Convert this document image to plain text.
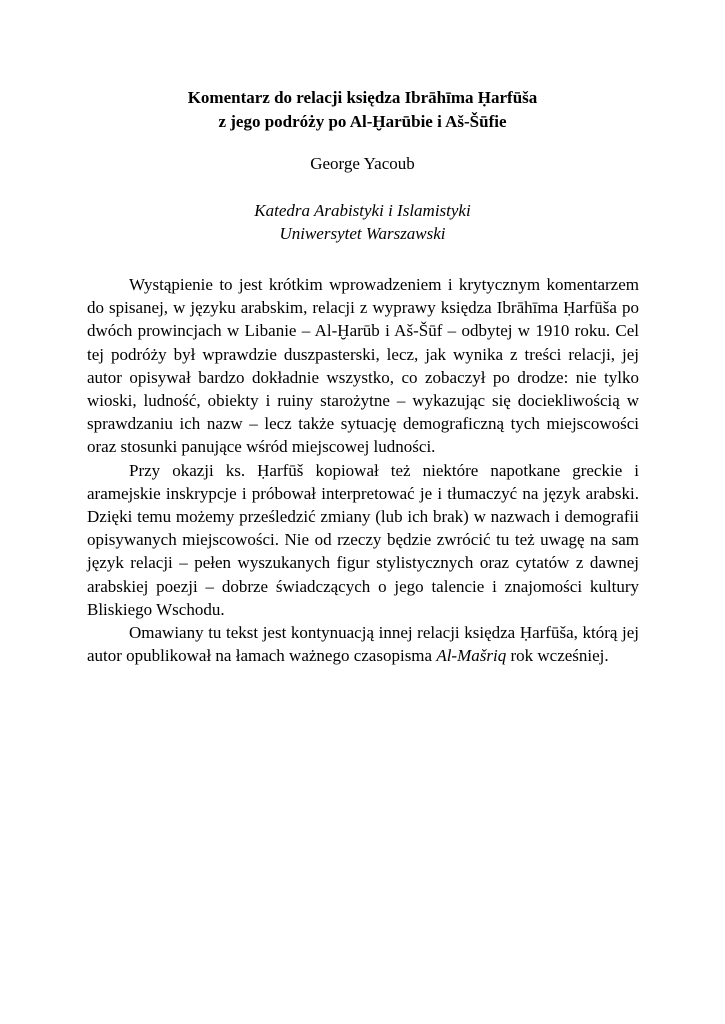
Komentarz do relacji księdza Ibrāhīma Ḥarfūša
z jego podróży po Al-Ḫarūbie i Aš-Šūfie
George Yacoub
Katedra Arabistyki i Islamistyki
Uniwersytet Warszawski

Wystąpienie to jest krótkim wprowadzeniem i krytycznym komentarzem do spisanej, w języku arabskim, relacji z wyprawy księdza Ibrāhīma Ḥarfūša po dwóch prowincjach w Libanie – Al-Ḫarūb i Aš-Šūf – odbytej w 1910 roku. Cel tej podróży był wprawdzie duszpasterski, lecz, jak wynika z treści relacji, jej autor opisywał bardzo dokładnie wszystko, co zobaczył po drodze: nie tylko wioski, ludność, obiekty i ruiny starożytne – wykazując się dociekliwością w sprawdzaniu ich nazw – lecz także sytuację demograficzną tych miejscowości oraz stosunki panujące wśród miejscowej ludności.

Przy okazji ks. Ḥarfūš kopiował też niektóre napotkane greckie i aramejskie inskrypcje i próbował interpretować je i tłumaczyć na język arabski. Dzięki temu możemy prześledzić zmiany (lub ich brak) w nazwach i demografii opisywanych miejscowości. Nie od rzeczy będzie zwrócić tu też uwagę na sam język relacji – pełen wyszukanych figur stylistycznych oraz cytatów z dawnej arabskiej poezji – dobrze świadczących o jego talencie i znajomości kultury Bliskiego Wschodu.

Omawiany tu tekst jest kontynuacją innej relacji księdza Ḥarfūša, którą jej autor opublikował na łamach ważnego czasopisma Al-Mašriq rok wcześniej.
